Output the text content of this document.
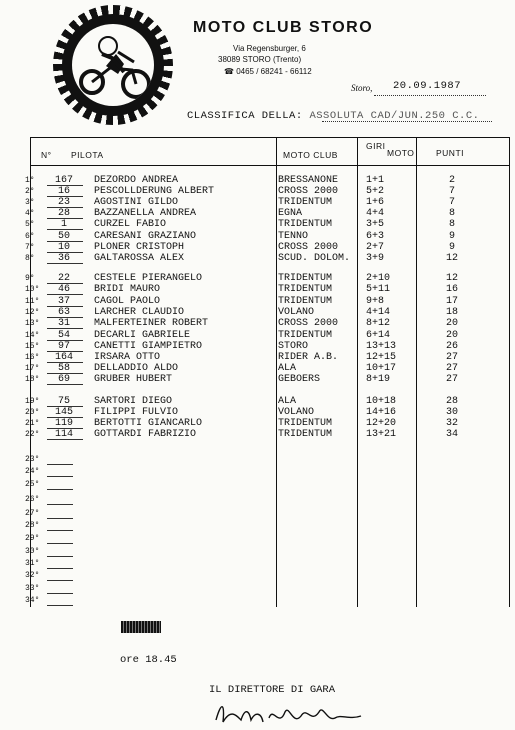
MOTO CLUB STORO
Via Regensburger, 6
38089 STORO (Trento)
☎ 0465 / 68241 - 66112
Storo, 20.09.1987
CLASSIFICA DELLA: ASSOLUTA CAD/JUN.250 C.C.
N° PILOTA	MOTO CLUB
GIRI
MOTO	PUNTI
1°	167	DEZORDO ANDREA	BRESSANONE	1+1	2
2°	16	PESCOLLDERUNG ALBERT	CROSS 2000	5+2	7
3°	23	AGOSTINI GILDO	TRIDENTUM	1+6	7
4°	28	BAZZANELLA ANDREA	EGNA	4+4	8
5°	1	CURZEL FABIO	TRIDENTUM	3+5	8
6°	50	CARESANI GRAZIANO	TENNO	6+3	9
7°	10	PLONER CRISTOPH	CROSS 2000	2+7	9
8°	36	GALTAROSSA ALEX	SCUD. DOLOM. 3+9	12
9°	22	CESTELE PIERANGELO	TRIDENTUM	2+10	12
10°	46	BRIDI MAURO	TRIDENTUM	5+11	16
11°	37	CAGOL PAOLO	TRIDENTUM	9+8	17
12°	63	LARCHER CLAUDIO	VOLANO	4+14	18
13°	31	MALFERTEINER ROBERT	CROSS 2000	8+12	20
14°	54	DECARLI GABRIELE	TRIDENTUM	6+14	20
15°	97	CANETTI GIAMPIETRO	STORO	13+13	26
16°	164	IRSARA OTTO	RIDER A.B.	12+15	27
17°	58	DELLADDIO ALDO	ALA	10+17	27
18°	69	GRUBER HUBERT	GEBOERS	8+19	27
19°	75	SARTORI DIEGO	ALA	10+18	28
20°	145	FILIPPI FULVIO	VOLANO	14+16	30
21°	119	BERTOTTI GIANCARLO	TRIDENTUM	12+20	32
22°	114	GOTTARDI FABRIZIO	TRIDENTUM	13+21	34
23°
24°
25°
26°
27°
28°
29°
30°
31°
32°
33°
34°
ore 18.45
IL DIRETTORE DI GARA
